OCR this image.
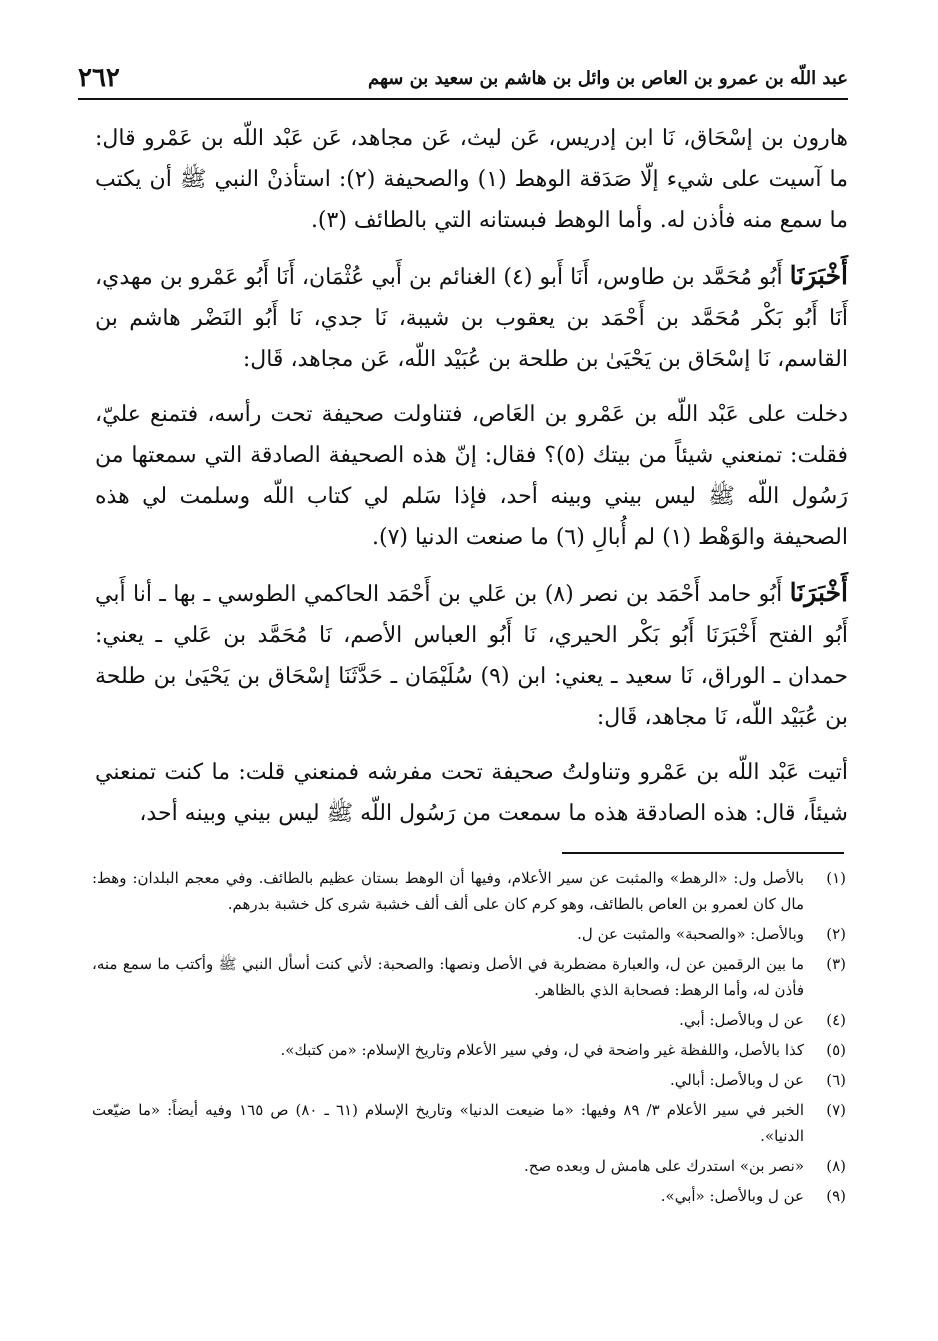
عبد اللّه بن عمرو بن العاص بن وائل بن هاشم بن سعيد بن سهم
٢٦٢

هارون بن إسْحَاق، نَا ابن إدريس، عَن ليث، عَن مجاهد، عَن عَبْد اللّه بن عَمْرو قال: ما آسيت على شيء إلّا صَدَقة الوهط (١) والصحيفة (٢): استأذنْ النبي ﷺ أن يكتب ما سمع منه فأذن له. وأما الوهط فبستانه التي بالطائف (٣).

أَخْبَرَنَا أَبُو مُحَمَّد بن طاوس، أَنَا أَبو (٤) الغنائم بن أَبي عُثْمَان، أَنَا أَبُو عَمْرو بن مهدي، أَنَا أَبُو بَكْر مُحَمَّد بن أَحْمَد بن يعقوب بن شيبة، نَا جدي، نَا أَبُو النَضْر هاشم بن القاسم، نَا إسْحَاق بن يَحْيَىٰ بن طلحة بن عُبَيْد اللّه، عَن مجاهد، قَال:

دخلت على عَبْد اللّه بن عَمْرو بن العَاص، فتناولت صحيفة تحت رأسه، فتمنع عليّ، فقلت: تمنعني شيئاً من بيتك (٥)؟ فقال: إنّ هذه الصحيفة الصادقة التي سمعتها من رَسُول اللّه ﷺ ليس بيني وبينه أحد، فإذا سَلم لي كتاب اللّه وسلمت لي هذه الصحيفة والوَهْط (١) لم أُبالِ (٦) ما صنعت الدنيا (٧).

أَخْبَرَنَا أَبُو حامد أَحْمَد بن نصر (٨) بن عَلي بن أَحْمَد الحاكمي الطوسي ـ بها ـ أنا أَبي أَبُو الفتح أَخْبَرَنَا أَبُو بَكْر الحيري، نَا أَبُو العباس الأصم، نَا مُحَمَّد بن عَلي ـ يعني: حمدان ـ الوراق، نَا سعيد ـ يعني: ابن (٩) سُلَيْمَان ـ حَدَّثَنَا إسْحَاق بن يَحْيَىٰ بن طلحة بن عُبَيْد اللّه، نَا مجاهد، قَال:

أتيت عَبْد اللّه بن عَمْرو وتناولتُ صحيفة تحت مفرشه فمنعني قلت: ما كنت تمنعني شيئاً، قال: هذه الصادقة هذه ما سمعت من رَسُول اللّه ﷺ ليس بيني وبينه أحد،

(١)
بالأصل ول: «الرهط» والمثبت عن سير الأعلام، وفيها أن الوهط بستان عظيم بالطائف. وفي معجم البلدان: وهط: مال كان لعمرو بن العاص بالطائف، وهو كرم كان على ألف ألف خشبة شرى كل خشبة بدرهم.
(٢)
وبالأصل: «والصحبة» والمثبت عن ل.
(٣)
ما بين الرقمين عن ل، والعبارة مضطربة في الأصل ونصها: والصحبة: لأني كنت أسأل النبي ﷺ وأكتب ما سمع منه، فأذن له، وأما الرهط: فصحابة الذي بالظاهر.
(٤)
عن ل وبالأصل: أبي.
(٥)
كذا بالأصل، واللفظة غير واضحة في ل، وفي سير الأعلام وتاريخ الإسلام: «من كتبك».
(٦)
عن ل وبالأصل: أبالي.
(٧)
الخبر في سير الأعلام ٣/ ٨٩ وفيها: «ما ضيعت الدنيا» وتاريخ الإسلام (٦١ ـ ٨٠) ص ١٦٥ وفيه أيضاً: «ما ضيّعت الدنيا».
(٨)
«نصر بن» استدرك على هامش ل وبعده صح.
(٩)
عن ل وبالأصل: «أبي».
